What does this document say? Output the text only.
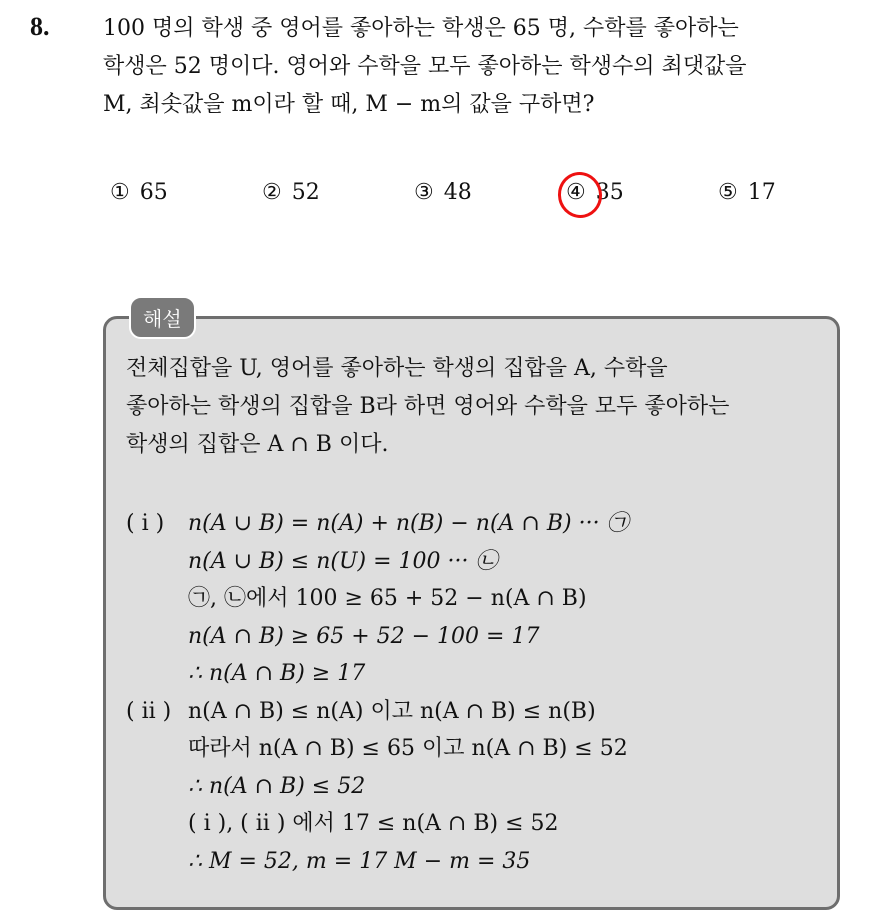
8. 100 명의 학생 중 영어를 좋아하는 학생은 65 명, 수학를 좋아하는
학생은 52 명이다. 영어와 수학을 모두 좋아하는 학생수의 최댓값을
M, 최솟값을 m이라 할 때, M − m의 값을 구하면?
① 65	② 52	③ 48	④ 35	⑤ 17
해설
전체집합을 U, 영어를 좋아하는 학생의 집합을 A, 수학을
좋아하는 학생의 집합을 B라 하면 영어와 수학을 모두 좋아하는
학생의 집합은 A ∩ B 이다.
( i ) n(A ∪ B) = n(A) + n(B) − n(A ∩ B) ··· ㉠
n(A ∪ B) ≤ n(U) = 100 ··· ㉡
㉠, ㉡에서 100 ≥ 65 + 52 − n(A ∩ B)
n(A ∩ B) ≥ 65 + 52 − 100 = 17
∴ n(A ∩ B) ≥ 17
( ii ) n(A ∩ B) ≤ n(A) 이고 n(A ∩ B) ≤ n(B)
따라서 n(A ∩ B) ≤ 65 이고 n(A ∩ B) ≤ 52
∴ n(A ∩ B) ≤ 52
( i ), ( ii ) 에서 17 ≤ n(A ∩ B) ≤ 52
∴ M = 52, m = 17 M − m = 35
